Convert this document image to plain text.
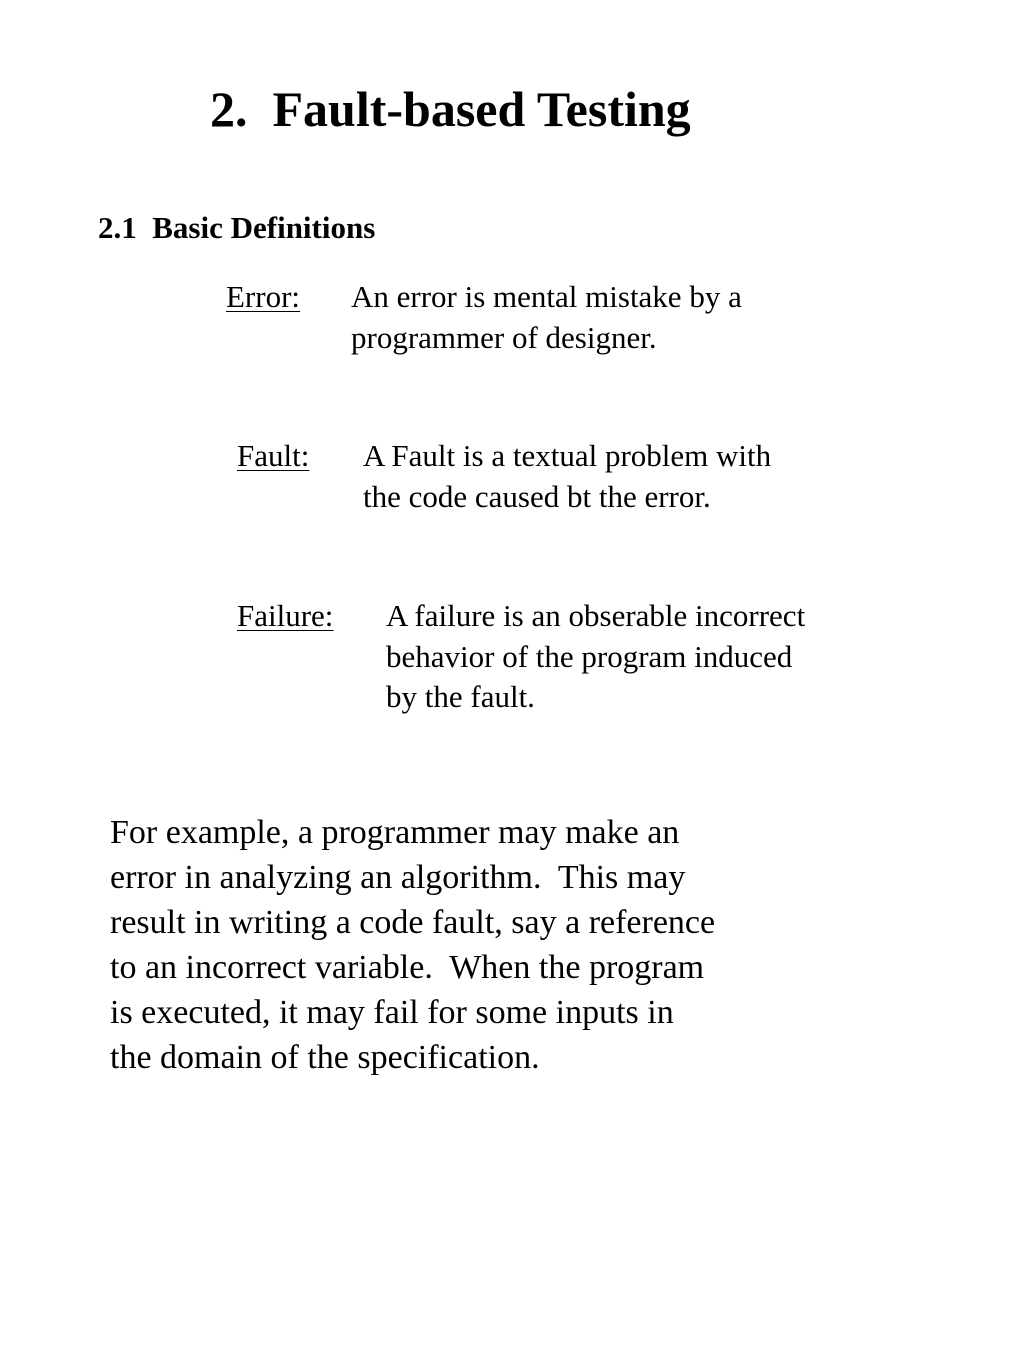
2.  Fault-based Testing
2.1  Basic Definitions
Error: An error is mental mistake by a
programmer of designer.
Fault: A Fault is a textual problem with
the code caused bt the error.
Failure: A failure is an obserable incorrect
behavior of the program induced
by the fault.
For example, a programmer may make an
error in analyzing an algorithm.  This may
result in writing a code fault, say a reference
to an incorrect variable.  When the program
is executed, it may fail for some inputs in
the domain of the specification.
